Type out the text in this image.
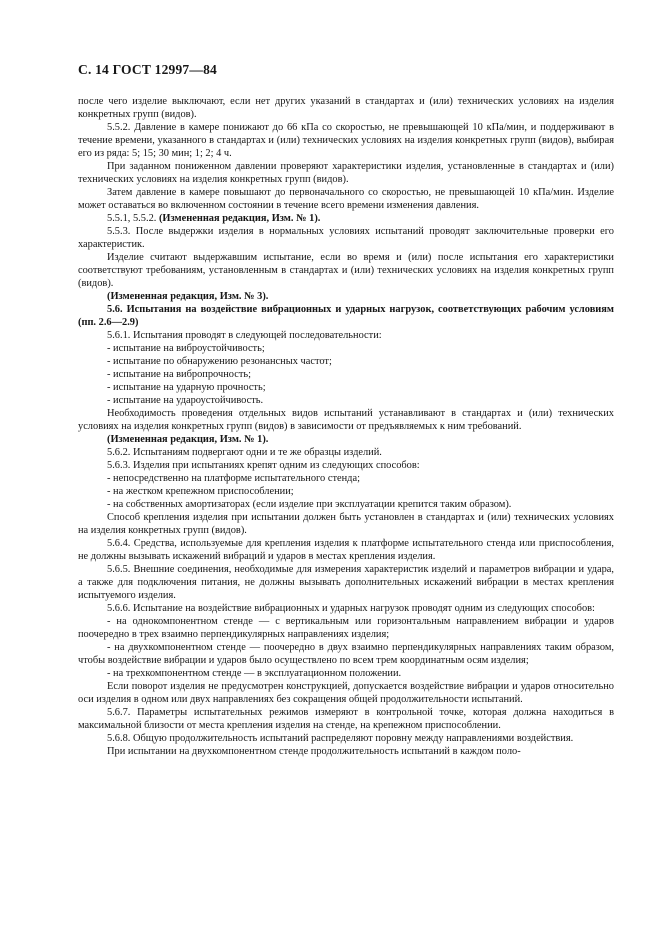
С. 14 ГОСТ 12997—84

после чего изделие выключают, если нет других указаний в стандартах и (или) технических условиях на изделия конкретных групп (видов).

5.5.2. Давление в камере понижают до 66 кПа со скоростью, не превышающей 10 кПа/мин, и поддерживают в течение времени, указанного в стандартах и (или) технических условиях на изделия конкретных групп (видов), выбирая его из ряда: 5; 15; 30 мин; 1; 2; 4 ч.

При заданном пониженном давлении проверяют характеристики изделия, установленные в стандартах и (или) технических условиях на изделия конкретных групп (видов).

Затем давление в камере повышают до первоначального со скоростью, не превышающей 10 кПа/мин. Изделие может оставаться во включенном состоянии в течение всего времени изменения давления.

5.5.1, 5.5.2. (Измененная редакция, Изм. № 1).

5.5.3. После выдержки изделия в нормальных условиях испытаний проводят заключительные проверки его характеристик.

Изделие считают выдержавшим испытание, если во время и (или) после испытания его характеристики соответствуют требованиям, установленным в стандартах и (или) технических условиях на изделия конкретных групп (видов).

(Измененная редакция, Изм. № 3).

5.6. Испытания на воздействие вибрационных и ударных нагрузок, соответствующих рабочим условиям (пп. 2.6—2.9)

5.6.1. Испытания проводят в следующей последовательности:

- испытание на виброустойчивость;
- испытание по обнаружению резонансных частот;
- испытание на вибропрочность;
- испытание на ударную прочность;
- испытание на удароустойчивость.

Необходимость проведения отдельных видов испытаний устанавливают в стандартах и (или) технических условиях на изделия конкретных групп (видов) в зависимости от предъявляемых к ним требований.

(Измененная редакция, Изм. № 1).

5.6.2. Испытаниям подвергают одни и те же образцы изделий.

5.6.3. Изделия при испытаниях крепят одним из следующих способов:

- непосредственно на платформе испытательного стенда;
- на жестком крепежном приспособлении;
- на собственных амортизаторах (если изделие при эксплуатации крепится таким образом).

Способ крепления изделия при испытании должен быть установлен в стандартах и (или) технических условиях на изделия конкретных групп (видов).

5.6.4. Средства, используемые для крепления изделия к платформе испытательного стенда или приспособления, не должны вызывать искажений вибраций и ударов в местах крепления изделия.

5.6.5. Внешние соединения, необходимые для измерения характеристик изделий и параметров вибрации и удара, а также для подключения питания, не должны вызывать дополнительных искажений вибрации в местах крепления испытуемого изделия.

5.6.6. Испытание на воздействие вибрационных и ударных нагрузок проводят одним из следующих способов:

- на однокомпонентном стенде — с вертикальным или горизонтальным направлением вибрации и ударов поочередно в трех взаимно перпендикулярных направлениях изделия;
- на двухкомпонентном стенде — поочередно в двух взаимно перпендикулярных направлениях таким образом, чтобы воздействие вибрации и ударов было осуществлено по всем трем координатным осям изделия;
- на трехкомпонентном стенде — в эксплуатационном положении.

Если поворот изделия не предусмотрен конструкцией, допускается воздействие вибрации и ударов относительно оси изделия в одном или двух направлениях без сокращения общей продолжительности испытаний.

5.6.7. Параметры испытательных режимов измеряют в контрольной точке, которая должна находиться в максимальной близости от места крепления изделия на стенде, на крепежном приспособлении.

5.6.8. Общую продолжительность испытаний распределяют поровну между направлениями воздействия.

При испытании на двухкомпонентном стенде продолжительность испытаний в каждом поло-
